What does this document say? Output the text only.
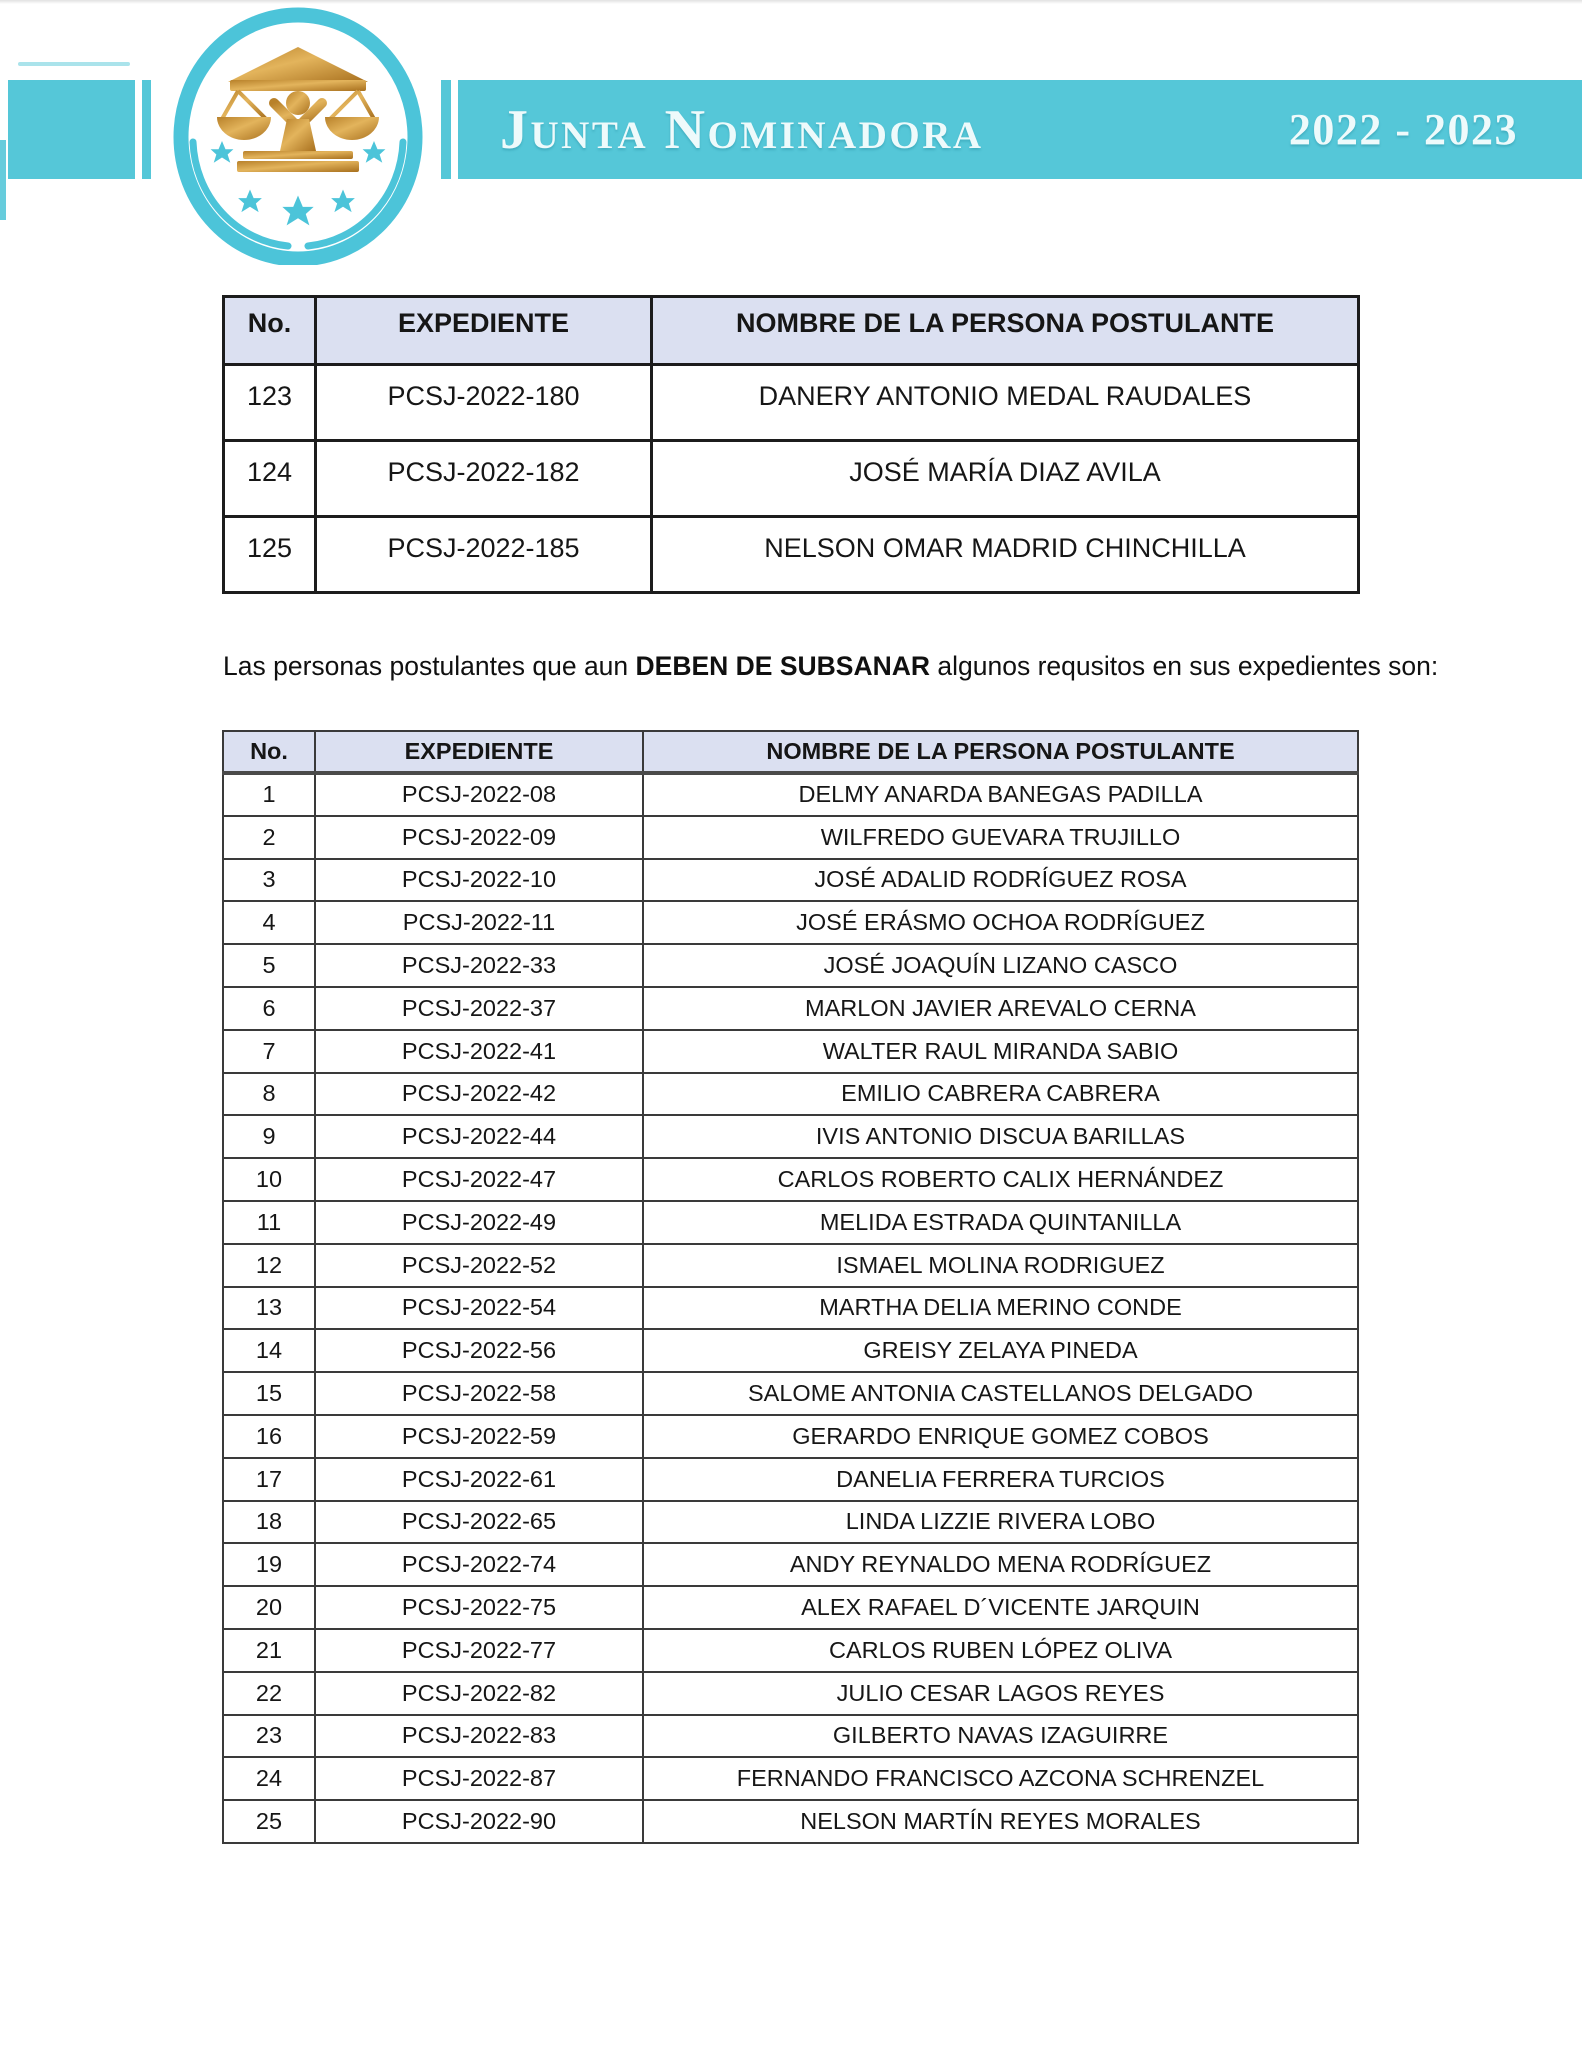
Junta Nominadora	2022 - 2023
No.	EXPEDIENTE	NOMBRE DE LA PERSONA POSTULANTE
123	PCSJ-2022-180	DANERY ANTONIO MEDAL RAUDALES
124	PCSJ-2022-182	JOSÉ MARÍA DIAZ AVILA
125	PCSJ-2022-185	NELSON OMAR MADRID CHINCHILLA
Las personas postulantes que aun DEBEN DE SUBSANAR algunos requsitos en sus expedientes son:
No.	EXPEDIENTE	NOMBRE DE LA PERSONA POSTULANTE
1	PCSJ-2022-08	DELMY ANARDA BANEGAS PADILLA
2	PCSJ-2022-09	WILFREDO GUEVARA TRUJILLO
3	PCSJ-2022-10	JOSÉ ADALID RODRÍGUEZ ROSA
4	PCSJ-2022-11	JOSÉ ERÁSMO OCHOA RODRÍGUEZ
5	PCSJ-2022-33	JOSÉ JOAQUÍN LIZANO CASCO
6	PCSJ-2022-37	MARLON JAVIER AREVALO CERNA
7	PCSJ-2022-41	WALTER RAUL MIRANDA SABIO
8	PCSJ-2022-42	EMILIO CABRERA CABRERA
9	PCSJ-2022-44	IVIS ANTONIO DISCUA BARILLAS
10	PCSJ-2022-47	CARLOS ROBERTO CALIX HERNÁNDEZ
11	PCSJ-2022-49	MELIDA ESTRADA QUINTANILLA
12	PCSJ-2022-52	ISMAEL MOLINA RODRIGUEZ
13	PCSJ-2022-54	MARTHA DELIA MERINO CONDE
14	PCSJ-2022-56	GREISY ZELAYA PINEDA
15	PCSJ-2022-58	SALOME ANTONIA CASTELLANOS DELGADO
16	PCSJ-2022-59	GERARDO ENRIQUE GOMEZ COBOS
17	PCSJ-2022-61	DANELIA FERRERA TURCIOS
18	PCSJ-2022-65	LINDA LIZZIE RIVERA LOBO
19	PCSJ-2022-74	ANDY REYNALDO MENA RODRÍGUEZ
20	PCSJ-2022-75	ALEX RAFAEL D´VICENTE JARQUIN
21	PCSJ-2022-77	CARLOS RUBEN LÓPEZ OLIVA
22	PCSJ-2022-82	JULIO CESAR LAGOS REYES
23	PCSJ-2022-83	GILBERTO NAVAS IZAGUIRRE
24	PCSJ-2022-87	FERNANDO FRANCISCO AZCONA SCHRENZEL
25	PCSJ-2022-90	NELSON MARTÍN REYES MORALES
